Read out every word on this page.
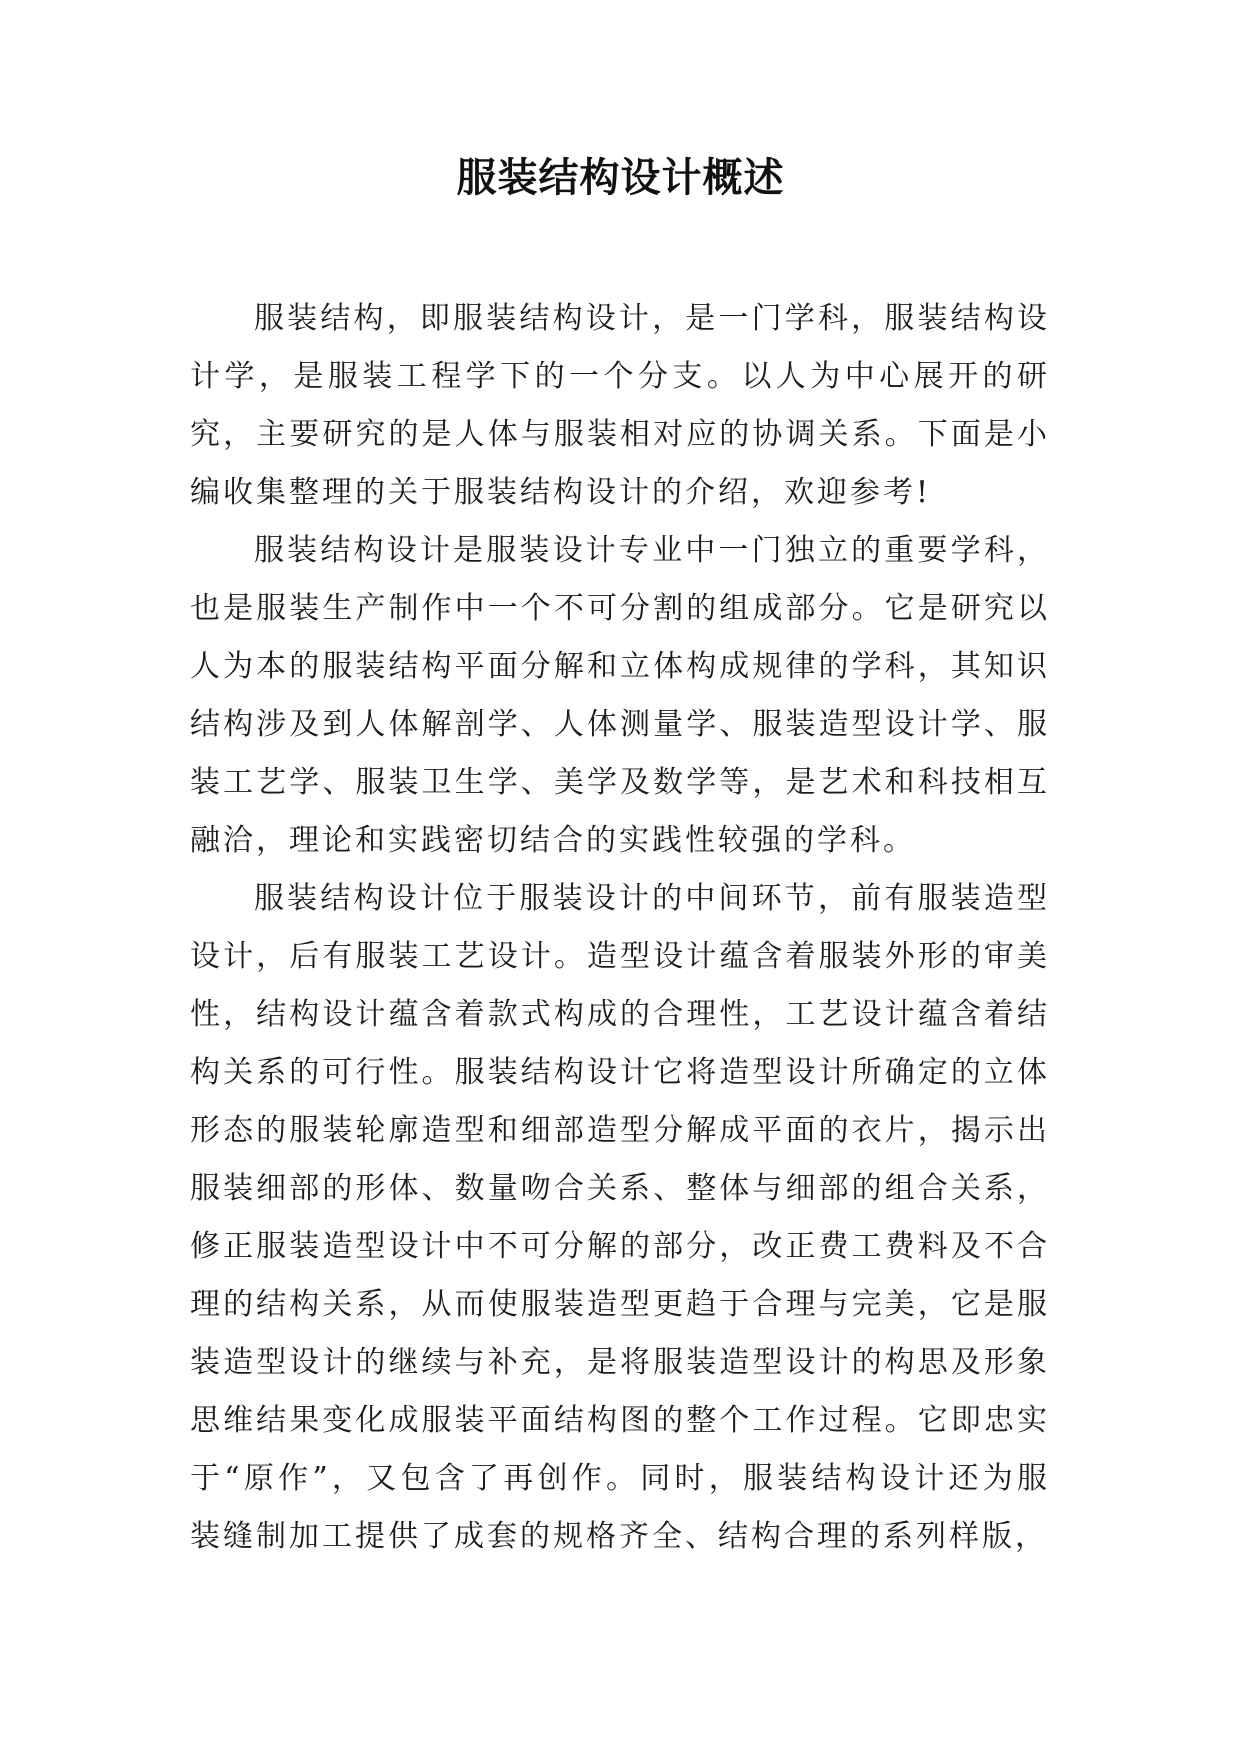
服装结构设计概述

服装结构，即服装结构设计，是一门学科，服装结构设计学，是服装工程学下的一个分支。以人为中心展开的研究，主要研究的是人体与服装相对应的协调关系。下面是小编收集整理的关于服装结构设计的介绍，欢迎参考!

服装结构设计是服装设计专业中一门独立的重要学科，也是服装生产制作中一个不可分割的组成部分。它是研究以人为本的服装结构平面分解和立体构成规律的学科，其知识结构涉及到人体解剖学、人体测量学、服装造型设计学、服装工艺学、服装卫生学、美学及数学等，是艺术和科技相互融洽，理论和实践密切结合的实践性较强的学科。

服装结构设计位于服装设计的中间环节，前有服装造型设计，后有服装工艺设计。造型设计蕴含着服装外形的审美性，结构设计蕴含着款式构成的合理性，工艺设计蕴含着结构关系的可行性。服装结构设计它将造型设计所确定的立体形态的服装轮廓造型和细部造型分解成平面的衣片，揭示出服装细部的形体、数量吻合关系、整体与细部的组合关系，修正服装造型设计中不可分解的部分，改正费工费料及不合理的结构关系，从而使服装造型更趋于合理与完美，它是服装造型设计的继续与补充，是将服装造型设计的构思及形象思维结果变化成服装平面结构图的整个工作过程。它即忠实于“原作”，又包含了再创作。同时，服装结构设计还为服装缝制加工提供了成套的规格齐全、结构合理的系列样版，
